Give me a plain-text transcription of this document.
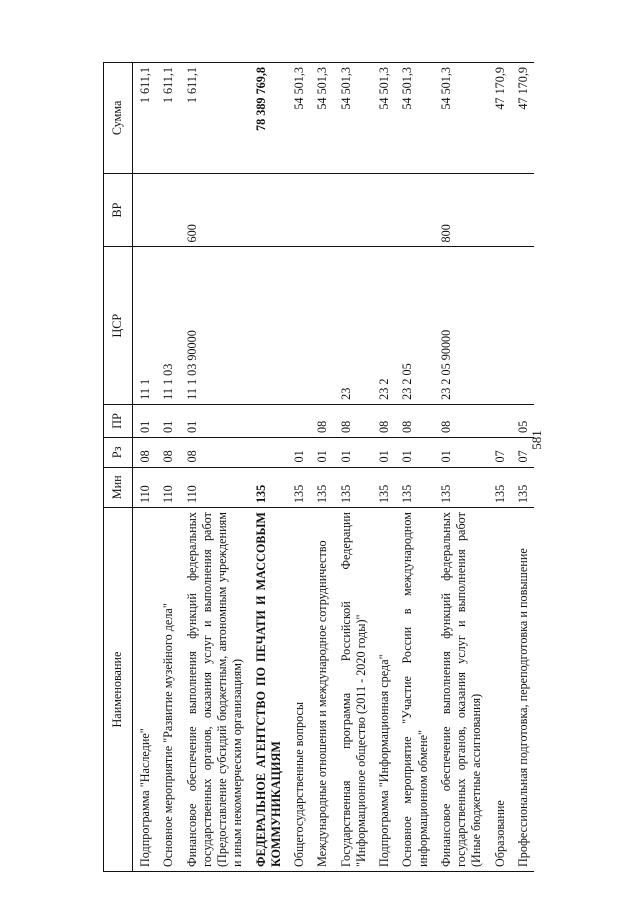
581
Наименование	Мин	Рз	ПР	ЦСР	ВР	Сумма
Подпрограмма "Наследие"	110	08	01	11 1		1 611,1
Основное мероприятие "Развитие музейного дела"	110	08	01	11 1 03		1 611,1
Финансовое обеспечение выполнения функций федеральных государственных органов, оказания услуг и выполнения работ (Предоставление субсидий бюджетным, автономным учреждениям и иным некоммерческим организациям)	110	08	01	11 1 03 90000	600	1 611,1
ФЕДЕРАЛЬНОЕ АГЕНТСТВО ПО ПЕЧАТИ И МАССОВЫМ КОММУНИКАЦИЯМ	135					78 389 769,8
Общегосударственные вопросы	135	01				54 501,3
Международные отношения и международное сотрудничество	135	01	08			54 501,3
Государственная программа Российской Федерации "Информационное общество (2011 - 2020 годы)"	135	01	08	23		54 501,3
Подпрограмма "Информационная среда"	135	01	08	23 2		54 501,3
Основное мероприятие "Участие России в международном информационном обмене"	135	01	08	23 2 05		54 501,3
Финансовое обеспечение выполнения функций федеральных государственных органов, оказания услуг и выполнения работ (Иные бюджетные ассигнования)	135	01	08	23 2 05 90000	800	54 501,3
Образование	135	07				47 170,9
Профессиональная подготовка, переподготовка и повышение	135	07	05			47 170,9
